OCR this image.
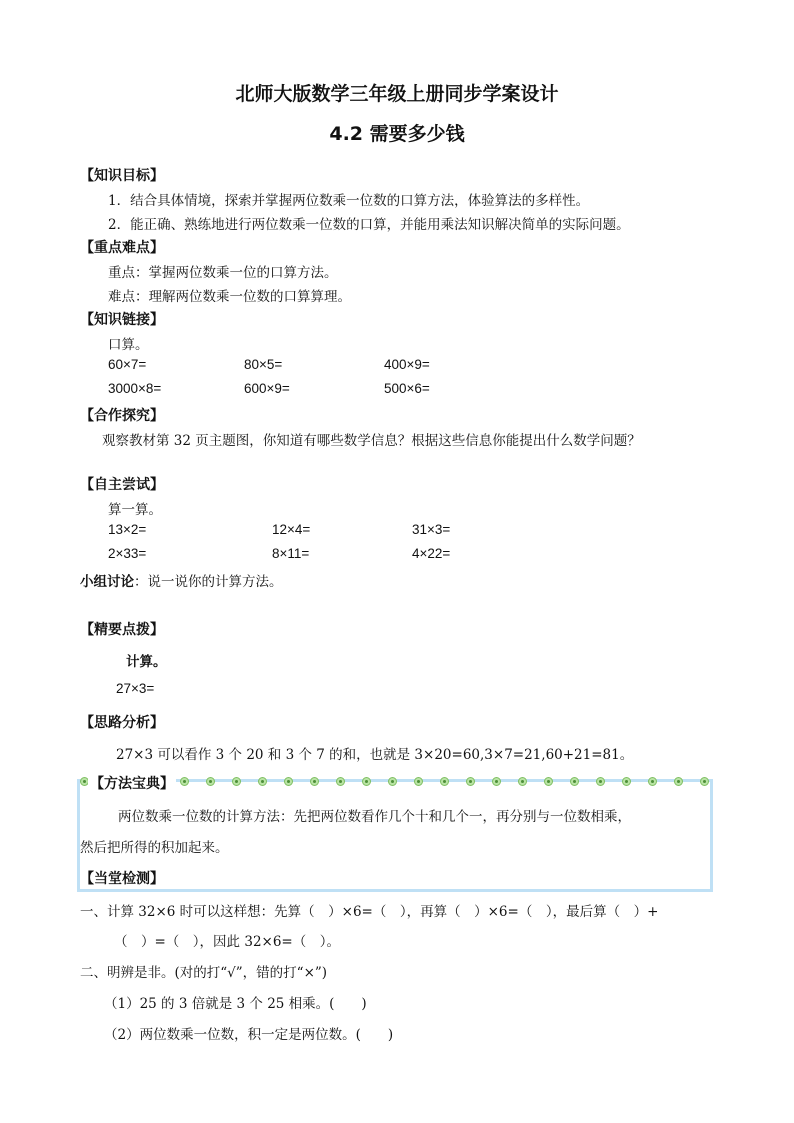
北师大版数学三年级上册同步学案设计
4.2 需要多少钱
【知识目标】
1．结合具体情境，探索并掌握两位数乘一位数的口算方法，体验算法的多样性。
2．能正确、熟练地进行两位数乘一位数的口算，并能用乘法知识解决简单的实际问题。
【重点难点】
重点：掌握两位数乘一位的口算方法。
难点：理解两位数乘一位数的口算算理。
【知识链接】
口算。
60×7=	80×5=	400×9=
3000×8=	600×9=	500×6=
【合作探究】
观察教材第 32 页主题图，你知道有哪些数学信息？根据这些信息你能提出什么数学问题？
【自主尝试】
算一算。
13×2=	12×4=	31×3=
2×33=	8×11=	4×22=
小组讨论：说一说你的计算方法。
【精要点拨】
计算。
27×3=
【思路分析】
27×3 可以看作 3 个 20 和 3 个 7 的和，也就是 3×20=60,3×7=21,60+21=81。
【方法宝典】
两位数乘一位数的计算方法：先把两位数看作几个十和几个一，再分别与一位数相乘，
然后把所得的积加起来。
【当堂检测】
一、计算 32×6 时可以这样想：先算（　）×6=（　），再算（　）×6=（　），最后算（　）+
（　）=（　），因此 32×6=（　）。
二、明辨是非。(对的打“√”，错的打“×”)
（1）25 的 3 倍就是 3 个 25 相乘。(　　)
（2）两位数乘一位数，积一定是两位数。(　　)
